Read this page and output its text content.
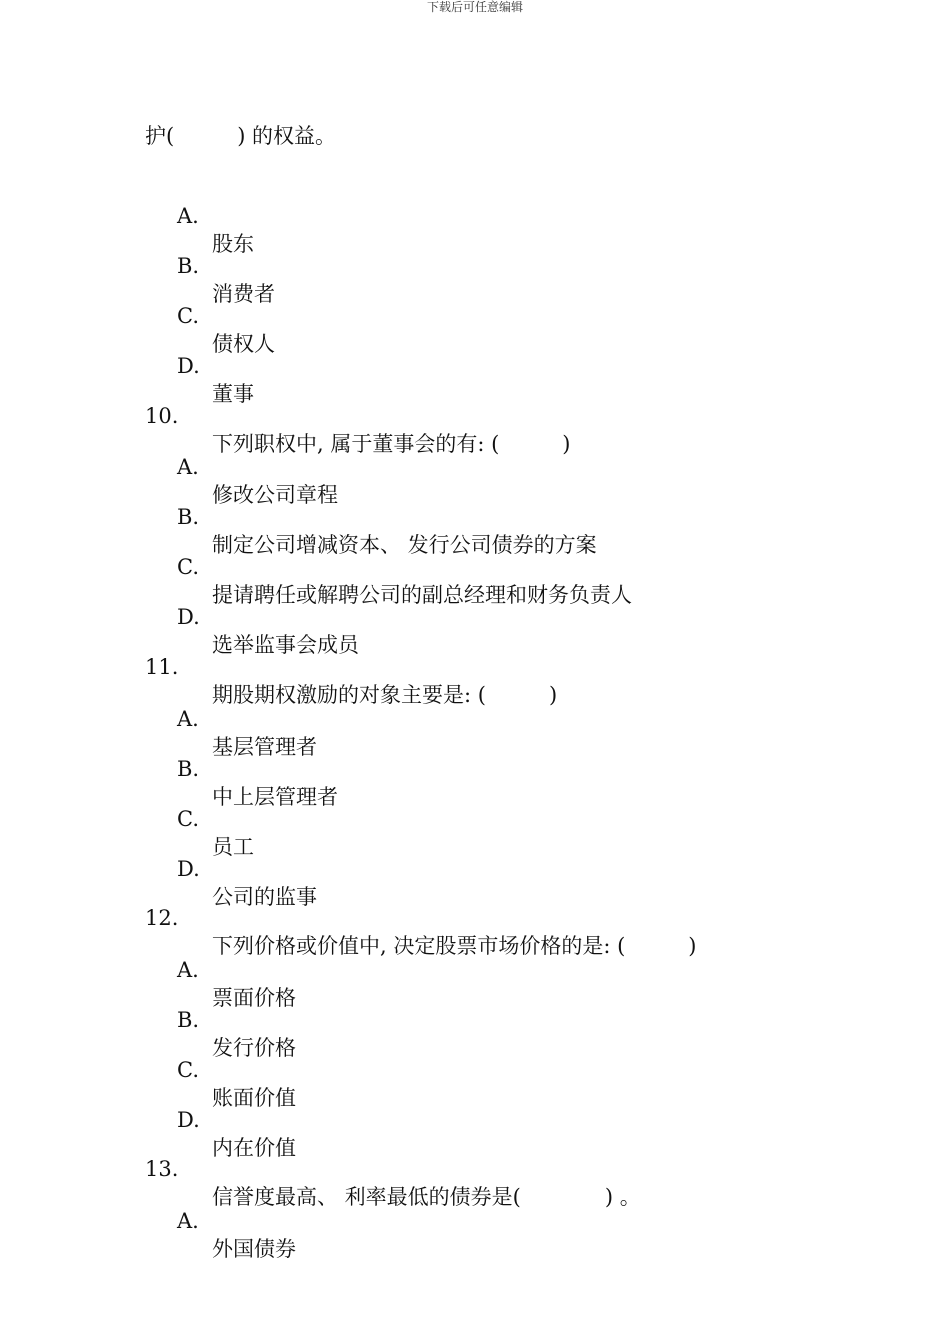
下载后可任意编辑
护(　　　) 的权益。

A.

股东

B.

消费者

C.

债权人

D.

董事

10.

下列职权中, 属于董事会的有: (　　　)

A.

修改公司章程

B.

制定公司增减资本、 发行公司债券的方案

C.

提请聘任或解聘公司的副总经理和财务负责人

D.

选举监事会成员

11.

期股期权激励的对象主要是: (　　　)

A.

基层管理者

B.

中上层管理者

C.

员工

D.

公司的监事

12.

下列价格或价值中, 决定股票市场价格的是: (　　　)

A.

票面价格

B.

发行价格

C.

账面价值

D.

内在价值

13.

信誉度最高、 利率最低的债券是(　　　　) 。

A.

外国债券
